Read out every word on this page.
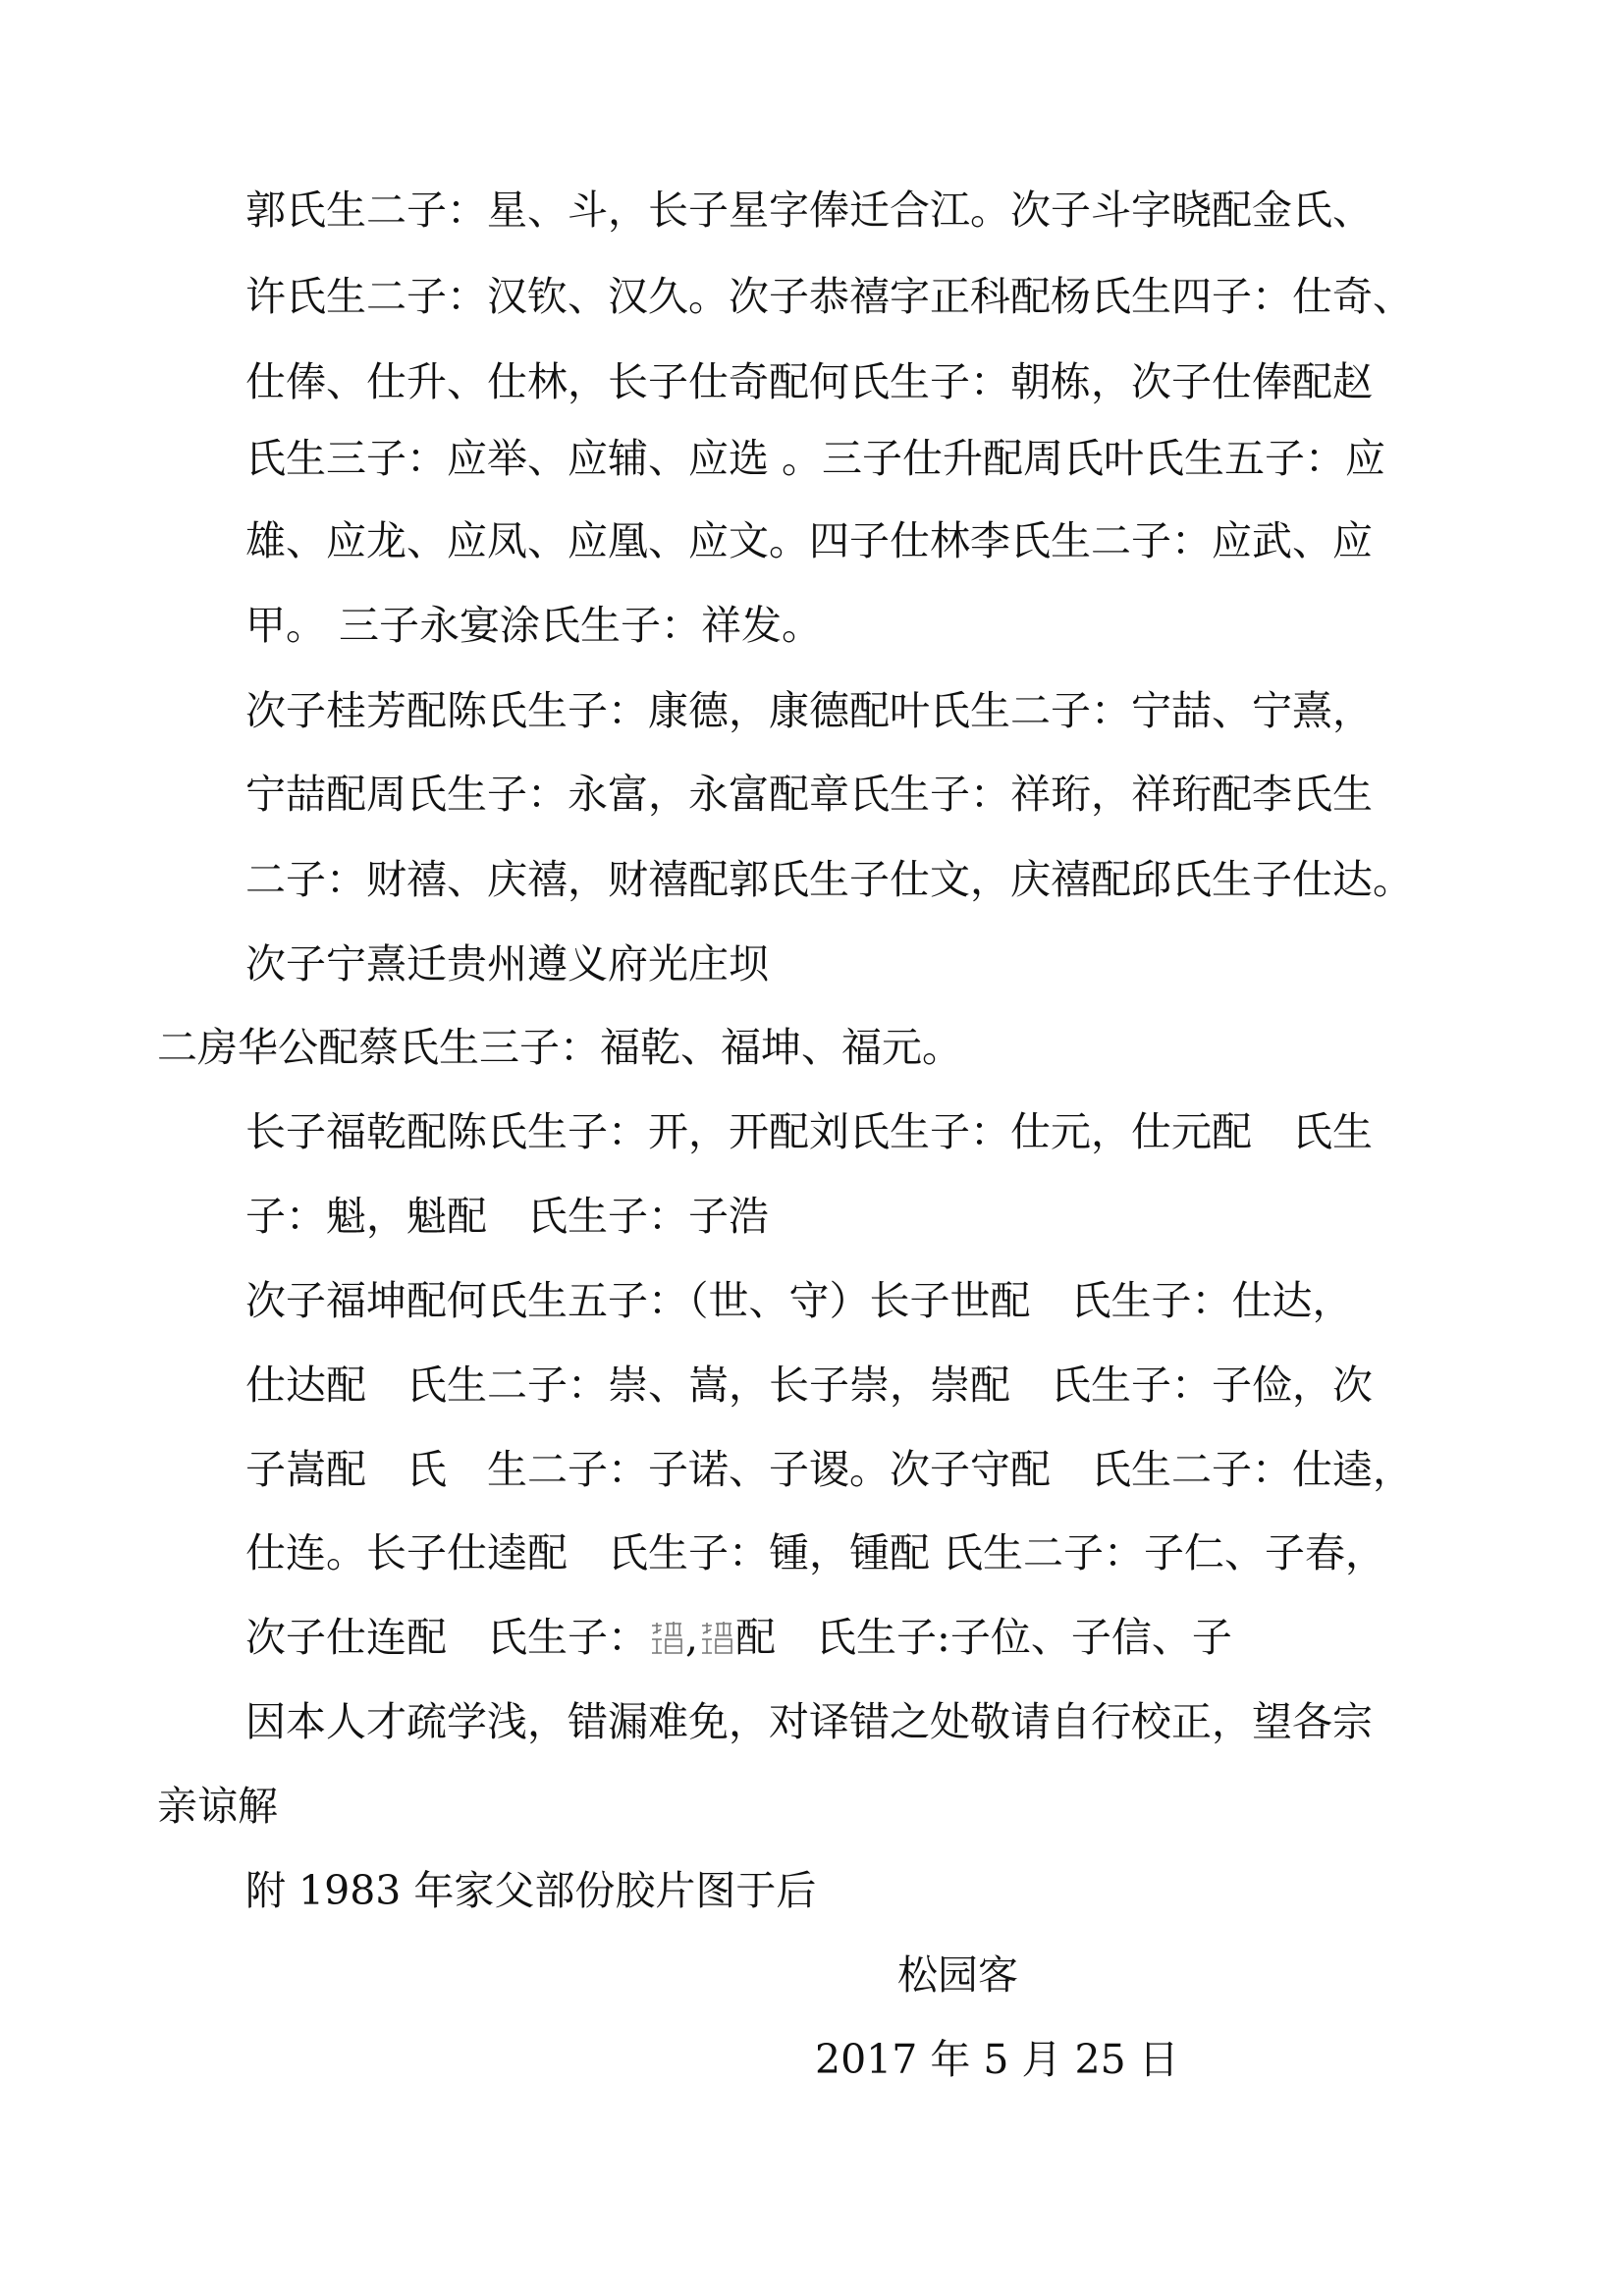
郭氏生二子：星、斗，长子星字俸迁合江。次子斗字晓配金氏、
许氏生二子：汉钦、汉久。次子恭禧字正科配杨氏生四子：仕奇、
仕俸、仕升、仕林，长子仕奇配何氏生子：朝栋，次子仕俸配赵
氏生三子：应举、应辅、应选 。三子仕升配周氏叶氏生五子：应
雄、应龙、应凤、应凰、应文。四子仕林李氏生二子：应武、应
甲。 三子永宴涂氏生子：祥发。
次子桂芳配陈氏生子：康德，康德配叶氏生二子：宁喆、宁熹，
宁喆配周氏生子：永富，永富配章氏生子：祥珩，祥珩配李氏生
二子：财禧、庆禧，财禧配郭氏生子仕文，庆禧配邱氏生子仕达。
次子宁熹迁贵州遵义府光庄坝
二房华公配蔡氏生三子：福乾、福坤、福元。
长子福乾配陈氏生子：开，开配刘氏生子：仕元，仕元配　氏生
子：魁，魁配　氏生子：子浩
次子福坤配何氏生五子：（世、守）长子世配　氏生子：仕达，
仕达配　氏生二子：崇、嵩，长子崇，崇配　氏生子：子俭，次
子嵩配　氏　生二子：子诺、子谡。次子守配　氏生二子：仕逵，
仕连。长子仕逵配　氏生子：锺，锺配 氏生二子：子仁、子春，
次子仕连配　氏生子： , 配　氏生子:子位、子信、子
因本人才疏学浅，错漏难免，对译错之处敬请自行校正，望各宗
亲谅解
附 1983 年家父部份胶片图于后
松园客
2017 年 5 月 25 日
